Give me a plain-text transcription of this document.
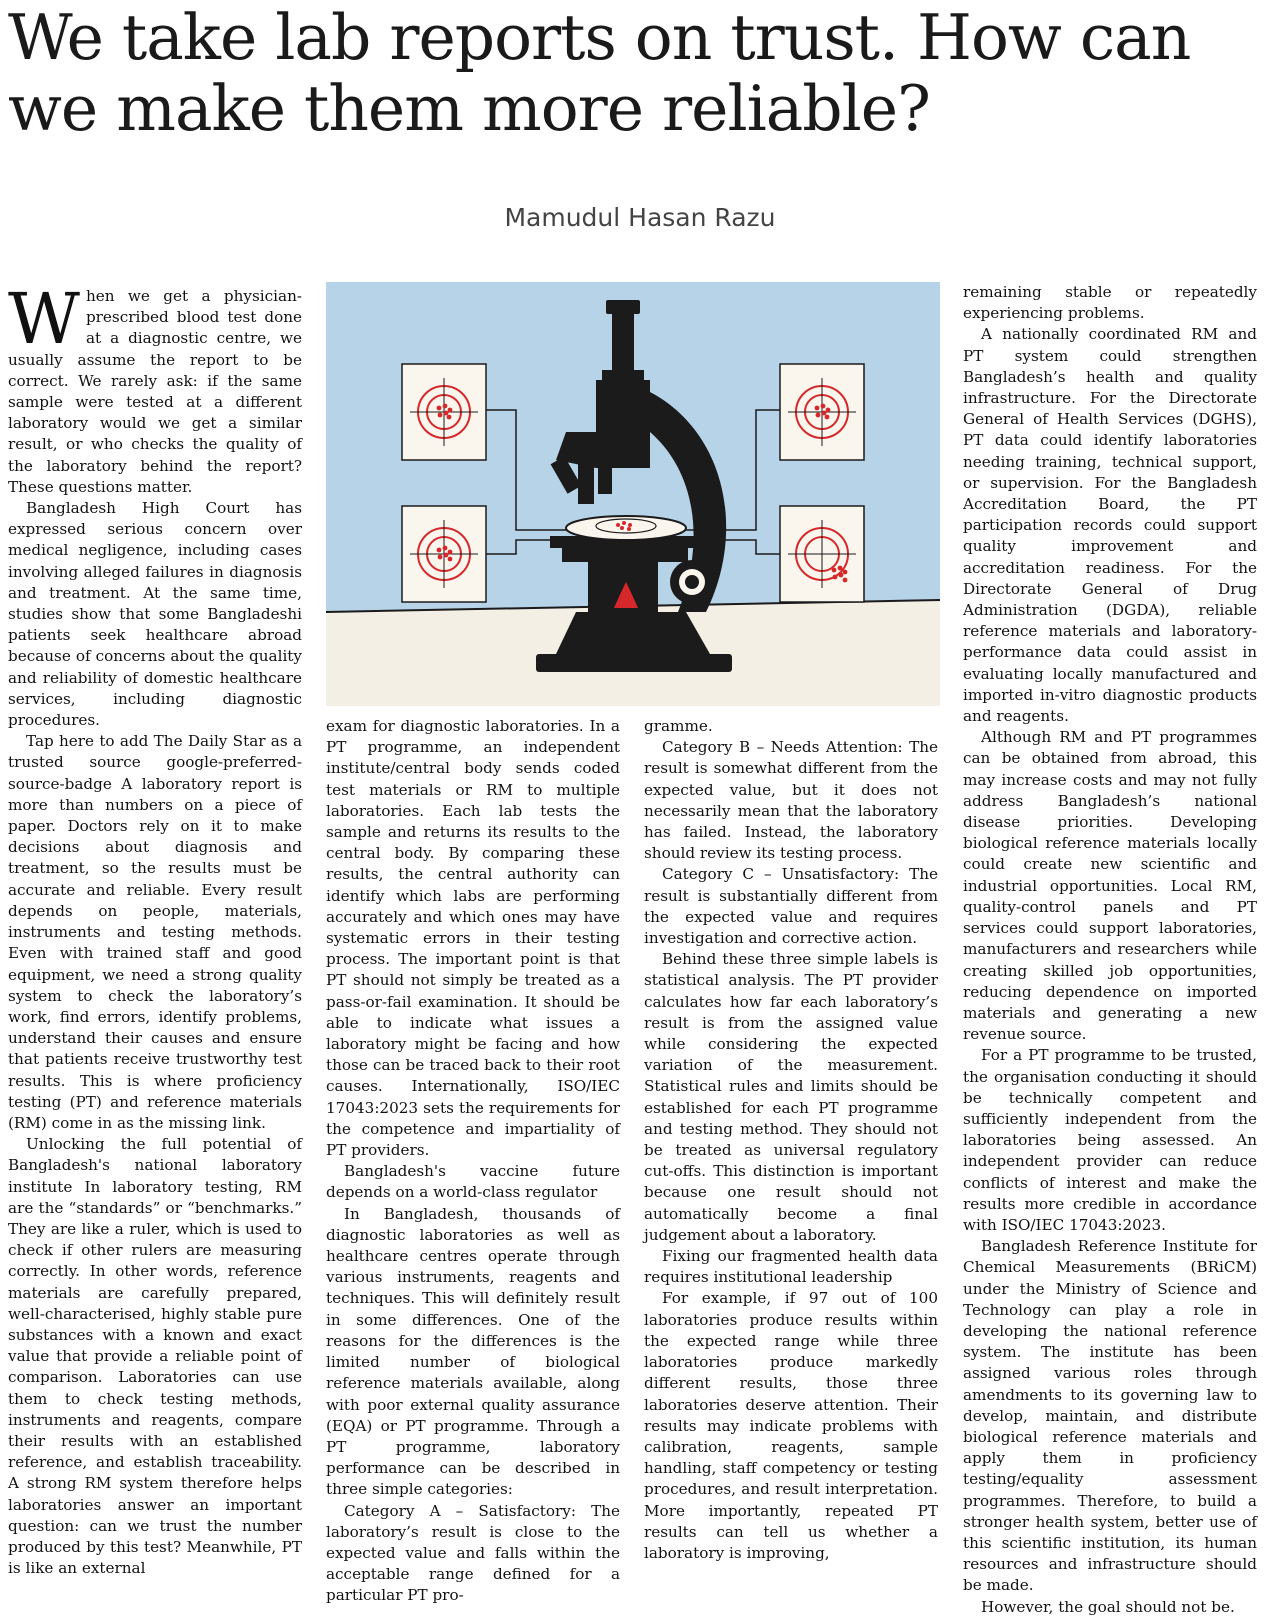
We take lab reports on trust. How can we make them more reliable?
Mamudul Hasan Razu

When we get a physician-prescribed blood test done at a diagnostic centre, we usually assume the report to be correct. We rarely ask: if the same sample were tested at a different laboratory would we get a similar result, or who checks the quality of the laboratory behind the report? These questions matter.

Bangladesh High Court has expressed serious concern over medical negligence, including cases involving alleged failures in diagnosis and treatment. At the same time, studies show that some Bangladeshi patients seek healthcare abroad because of concerns about the quality and reliability of domestic healthcare services, including diagnostic procedures.

Tap here to add The Daily Star as a trusted source google-preferred-source-badge A laboratory report is more than numbers on a piece of paper. Doctors rely on it to make decisions about diagnosis and treatment, so the results must be accurate and reliable. Every result depends on people, materials, instruments and testing methods. Even with trained staff and good equipment, we need a strong quality system to check the laboratory’s work, find errors, identify problems, understand their causes and ensure that patients receive trustworthy test results. This is where proficiency testing (PT) and reference materials (RM) come in as the missing link.

Unlocking the full potential of Bangladesh's national laboratory institute In laboratory testing, RM are the “standards” or “benchmarks.” They are like a ruler, which is used to check if other rulers are measuring correctly. In other words, reference materials are carefully prepared, well-characterised, highly stable pure substances with a known and exact value that provide a reliable point of comparison. Laboratories can use them to check testing methods, instruments and reagents, compare their results with an established reference, and establish traceability. A strong RM system therefore helps laboratories answer an important question: can we trust the number produced by this test? Meanwhile, PT is like an external

exam for diagnostic laboratories. In a PT programme, an independent institute/central body sends coded test materials or RM to multiple laboratories. Each lab tests the sample and returns its results to the central body. By comparing these results, the central authority can identify which labs are performing accurately and which ones may have systematic errors in their testing process. The important point is that PT should not simply be treated as a pass-or-fail examination. It should be able to indicate what issues a laboratory might be facing and how those can be traced back to their root causes. Internationally, ISO/IEC 17043:2023 sets the requirements for the competence and impartiality of PT providers.

Bangladesh's vaccine future depends on a world-class regulator

In Bangladesh, thousands of diagnostic laboratories as well as healthcare centres operate through various instruments, reagents and techniques. This will definitely result in some differences. One of the reasons for the differences is the limited number of biological reference materials available, along with poor external quality assurance (EQA) or PT programme. Through a PT programme, laboratory performance can be described in three simple categories:

Category A – Satisfactory: The laboratory’s result is close to the expected value and falls within the acceptable range defined for a particular PT pro-

gramme.

Category B – Needs Attention: The result is somewhat different from the expected value, but it does not necessarily mean that the laboratory has failed. Instead, the laboratory should review its testing process.

Category C – Unsatisfactory: The result is substantially different from the expected value and requires investigation and corrective action.

Behind these three simple labels is statistical analysis. The PT provider calculates how far each laboratory’s result is from the assigned value while considering the expected variation of the measurement. Statistical rules and limits should be established for each PT programme and testing method. They should not be treated as universal regulatory cut-offs. This distinction is important because one result should not automatically become a final judgement about a laboratory.

Fixing our fragmented health data requires institutional leadership

For example, if 97 out of 100 laboratories produce results within the expected range while three laboratories produce markedly different results, those three laboratories deserve attention. Their results may indicate problems with calibration, reagents, sample handling, staff competency or testing procedures, and result interpretation. More importantly, repeated PT results can tell us whether a laboratory is improving,

remaining stable or repeatedly experiencing problems.

A nationally coordinated RM and PT system could strengthen Bangladesh’s health and quality infrastructure. For the Directorate General of Health Services (DGHS), PT data could identify laboratories needing training, technical support, or supervision. For the Bangladesh Accreditation Board, the PT participation records could support quality improvement and accreditation readiness. For the Directorate General of Drug Administration (DGDA), reliable reference materials and laboratory-performance data could assist in evaluating locally manufactured and imported in-vitro diagnostic products and reagents.

Although RM and PT programmes can be obtained from abroad, this may increase costs and may not fully address Bangladesh’s national disease priorities. Developing biological reference materials locally could create new scientific and industrial opportunities. Local RM, quality-control panels and PT services could support laboratories, manufacturers and researchers while creating skilled job opportunities, reducing dependence on imported materials and generating a new revenue source.

For a PT programme to be trusted, the organisation conducting it should be technically competent and sufficiently independent from the laboratories being assessed. An independent provider can reduce conflicts of interest and make the results more credible in accordance with ISO/IEC 17043:2023.

Bangladesh Reference Institute for Chemical Measurements (BRiCM) under the Ministry of Science and Technology can play a role in developing the national reference system. The institute has been assigned various roles through amendments to its governing law to develop, maintain, and distribute biological reference materials and apply them in proficiency testing/equality assessment programmes. Therefore, to build a stronger health system, better use of this scientific institution, its human resources and infrastructure should be made.

However, the goal should not be.
